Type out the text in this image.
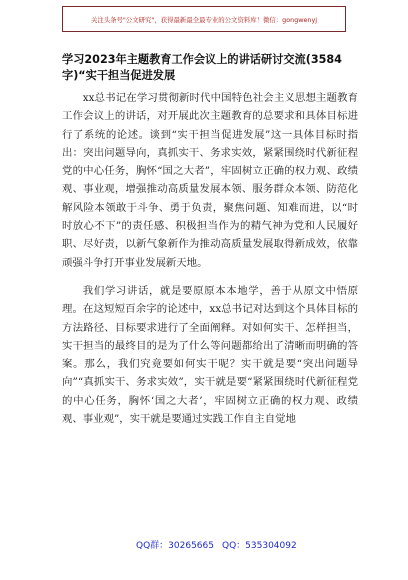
关注头条号"公文研究"，获得最新最全最专业的公文资料库！微信：gongwenyj
学习2023年主题教育工作会议上的讲话研讨交流(3584字)“实干担当促进发展

xx总书记在学习贯彻新时代中国特色社会主义思想主题教育工作会议上的讲话，对开展此次主题教育的总要求和具体目标进行了系统的论述。谈到“实干担当促进发展”这一具体目标时指出：突出问题导向，真抓实干、务求实效，紧紧围绕时代新征程党的中心任务，胸怀“国之大者”，牢固树立正确的权力观、政绩观、事业观，增强推动高质量发展本领、服务群众本领、防范化解风险本领敢于斗争、勇于负责，聚焦问题、知难而进，以“时时放心不下”的责任感、积极担当作为的精气神为党和人民履好职、尽好责，以新气象新作为推动高质量发展取得新成效，依靠顽强斗争打开事业发展新天地。

我们学习讲话，就是要原原本本地学，善于从原文中悟原理。在这短短百余字的论述中，xx总书记对达到这个具体目标的方法路径、目标要求进行了全面阐释。对如何实干、怎样担当，实干担当的最终目的是为了什么等问题都给出了清晰而明确的答案。那么，我们究竟要如何实干呢？实干就是要“突出问题导向”“真抓实干、务求实效”，实干就是要“紧紧围绕时代新征程党的中心任务，胸怀‘国之大者’，牢固树立正确的权力观、政绩观、事业观”，实干就是要通过实践工作自主自觉地

QQ群：30265665 QQ：535304092
